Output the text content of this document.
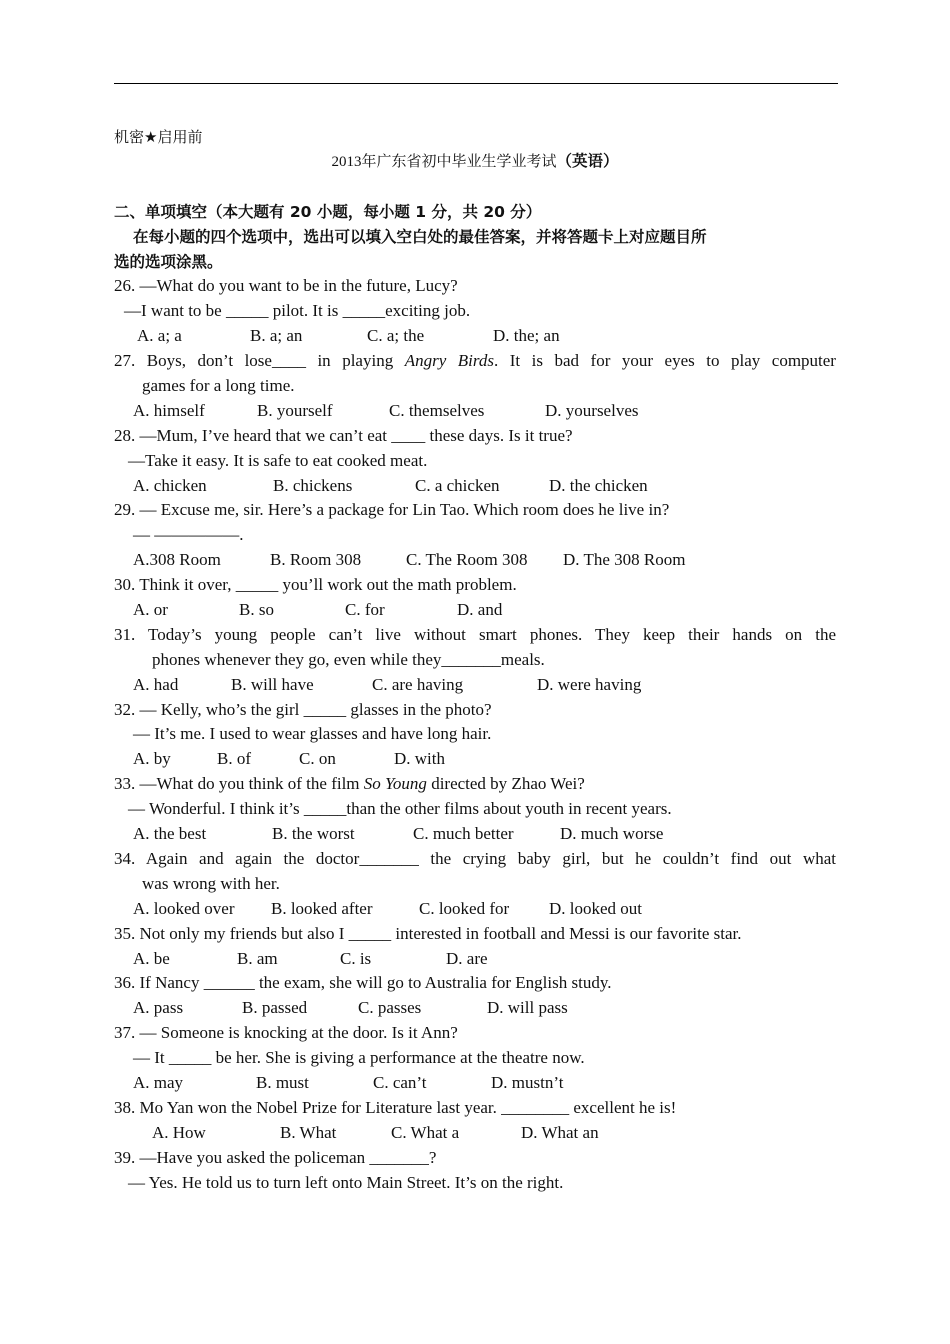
机密★启用前
2013年广东省初中毕业生学业考试（英语）
二、单项填空（本大题有 20 小题，每小题 1 分，共 20 分）
在每小题的四个选项中，选出可以填入空白处的最佳答案，并将答题卡上对应题目所
选的选项涂黑。
26. —What do you want to be in the future, Lucy?
—I want to be _____ pilot. It is _____exciting job.
A. a; a	B. a; an	C. a; the	D. the; an
27. Boys, don’t lose____ in playing Angry Birds. It is bad for your eyes to play computer
games for a long time.
A. himself	B. yourself	C. themselves	D. yourselves
28. —Mum, I’ve heard that we can’t eat ____ these days. Is it true?
—Take it easy. It is safe to eat cooked meat.
A. chicken	B. chickens	C. a chicken	D. the chicken
29. — Excuse me, sir. Here’s a package for Lin Tao. Which room does he live in?
— —————.
A.308 Room	B. Room 308	C. The Room 308 D. The 308 Room
30. Think it over, _____ you’ll work out the math problem.
A. or	B. so	C. for	D. and
31. Today’s young people can’t live without smart phones. They keep their hands on the
phones whenever they go, even while they_______meals.
A. had	B. will have	C. are having	D. were having
32. — Kelly, who’s the girl _____ glasses in the photo?
— It’s me. I used to wear glasses and have long hair.
A. by	B. of	C. on	D. with
33. —What do you think of the film So Young directed by Zhao Wei?
— Wonderful. I think it’s _____than the other films about youth in recent years.
A. the best	B. the worst	C. much better	D. much worse
34. Again and again the doctor_______ the crying baby girl, but he couldn’t find out what
was wrong with her.
A. looked over B. looked after	C. looked for D. looked out
35. Not only my friends but also I _____ interested in football and Messi is our favorite star.
A. be	B. am	C. is	D. are
36. If Nancy ______ the exam, she will go to Australia for English study.
A. pass	B. passed	C. passes	D. will pass
37. — Someone is knocking at the door. Is it Ann?
— It _____ be her. She is giving a performance at the theatre now.
A. may	B. must	C. can’t	D. mustn’t
38. Mo Yan won the Nobel Prize for Literature last year. ________ excellent he is!
A. How	B. What	C. What a	D. What an
39. —Have you asked the policeman _______?
— Yes. He told us to turn left onto Main Street. It’s on the right.
